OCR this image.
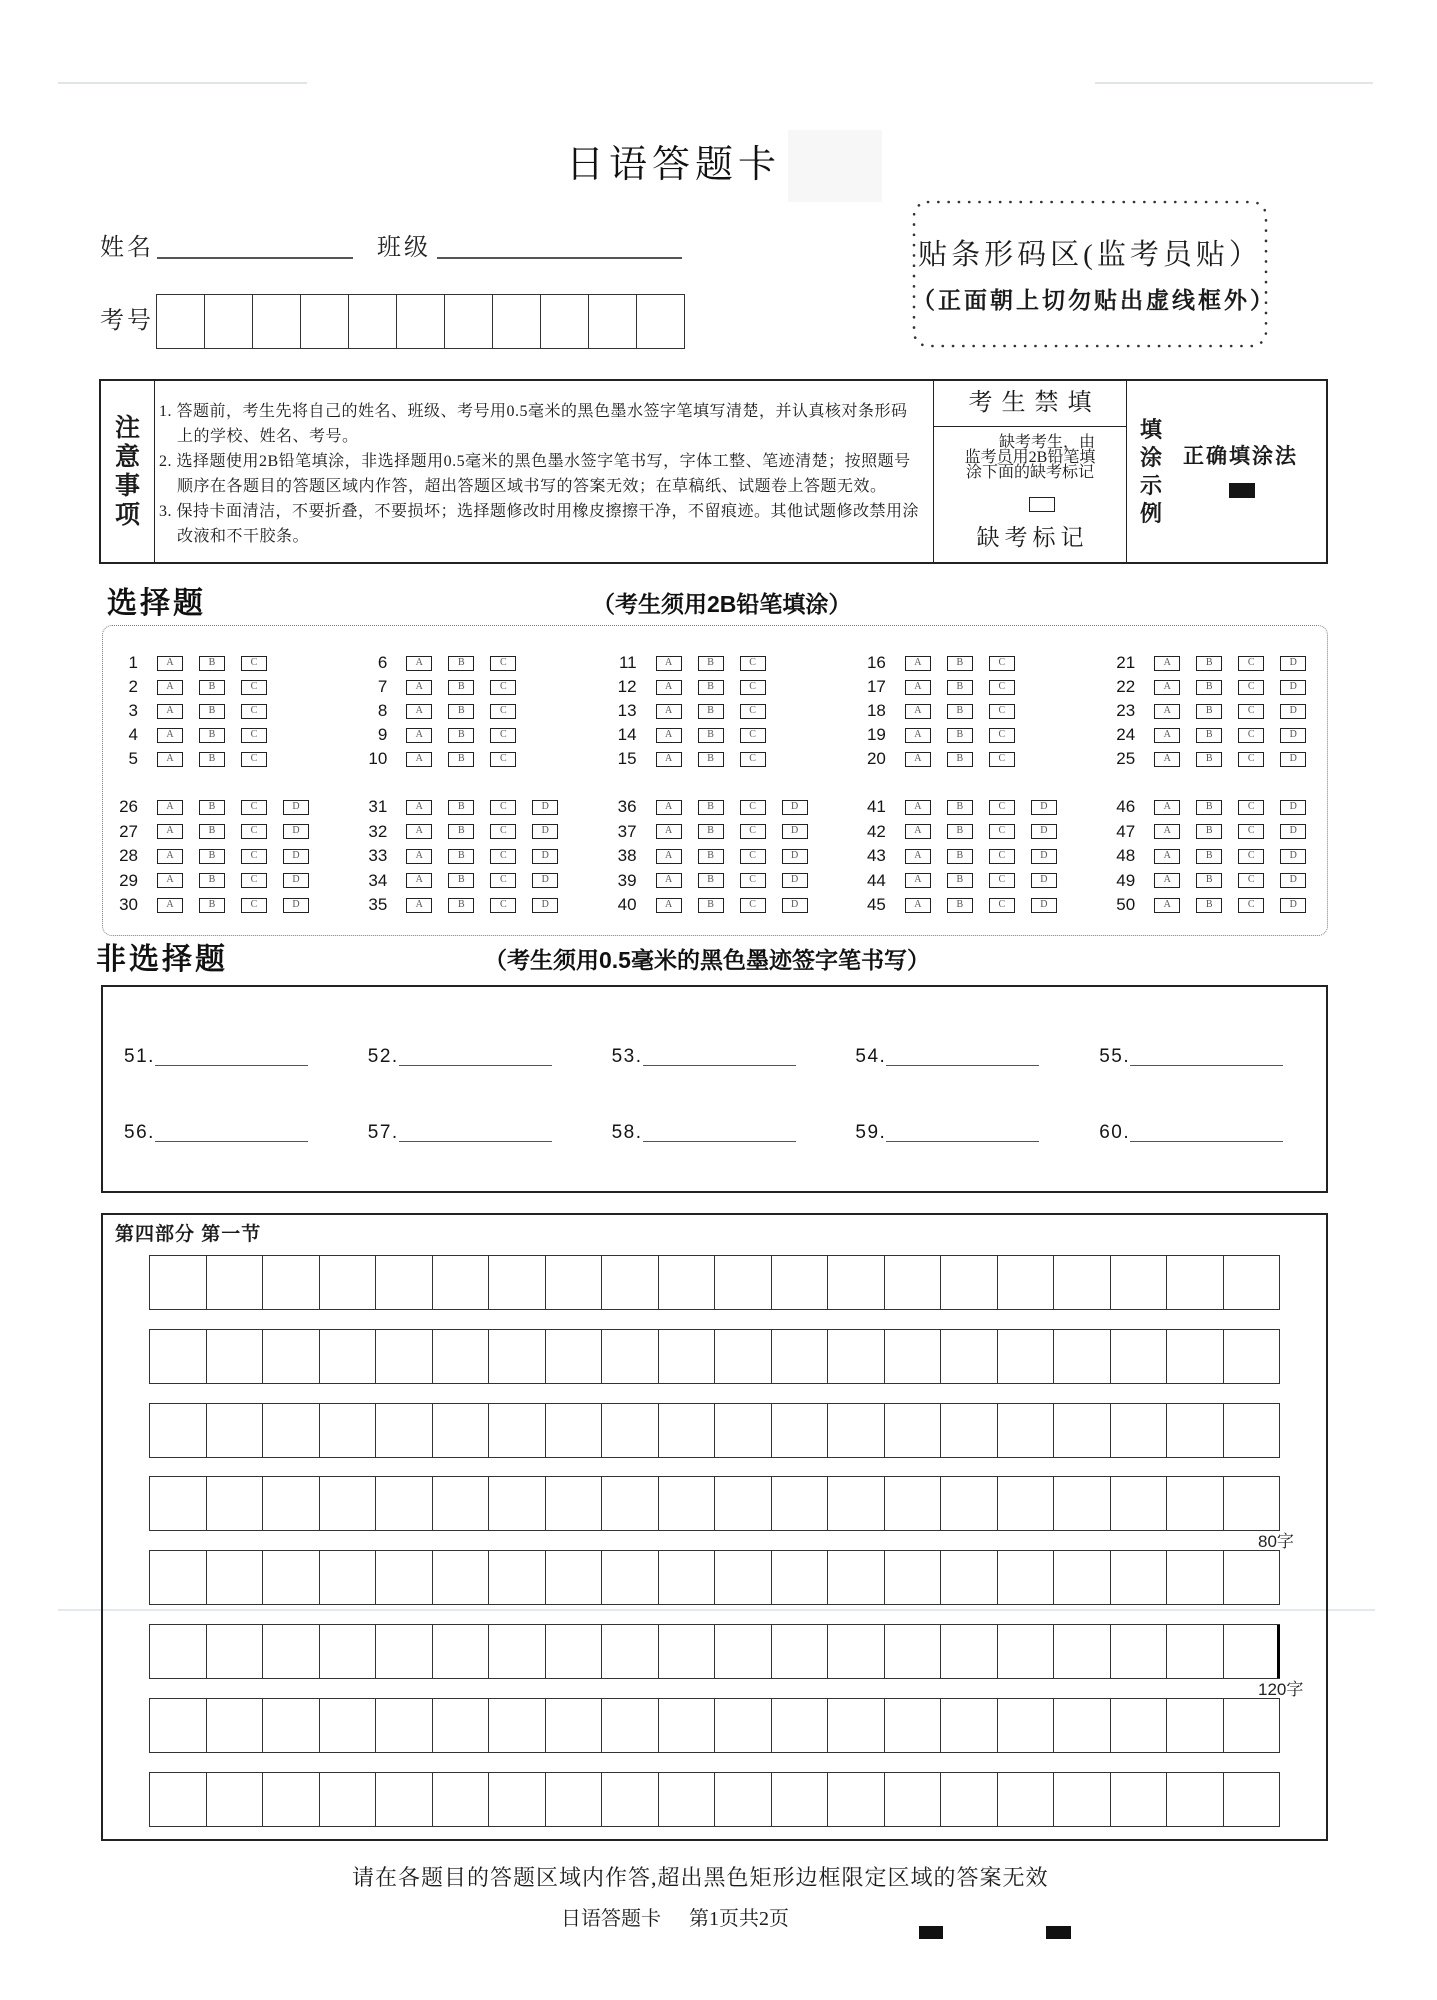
日语答题卡
姓名	班级
考号
贴条形码区(监考员贴）
（正面朝上切勿贴出虚线框外）
注
意
事
项
1. 答题前，考生先将自己的姓名、班级、考号用0.5毫米的黑色墨水签字笔填写清楚，并认真核对条形码
上的学校、姓名、考号。
2. 选择题使用2B铅笔填涂，非选择题用0.5毫米的黑色墨水签字笔书写，字体工整、笔迹清楚；按照题号
顺序在各题目的答题区域内作答，超出答题区域书写的答案无效；在草稿纸、试题卷上答题无效。
3. 保持卡面清洁，不要折叠，不要损坏；选择题修改时用橡皮擦擦干净，不留痕迹。其他试题修改禁用涂
改液和不干胶条。
考生禁填
缺考考生，由
监考员用2B铅笔填
涂下面的缺考标记
缺考标记
填
涂
示
例
正确填涂法
选择题	（考生须用2B铅笔填涂）
1	A	B	C
2	A	B	C
3	A	B	C
4	A	B	C
5	A	B	C
6	A	B	C
7	A	B	C
8	A	B	C
9	A	B	C
10	A	B	C
11	A	B	C
12	A	B	C
13	A	B	C
14	A	B	C
15	A	B	C
16	A	B	C
17	A	B	C
18	A	B	C
19	A	B	C
20	A	B	C
21	A	B	C	D
22	A	B	C	D
23	A	B	C	D
24	A	B	C	D
25	A	B	C	D
26	A	B	C	D
27	A	B	C	D
28	A	B	C	D
29	A	B	C	D
30	A	B	C	D
31	A	B	C	D
32	A	B	C	D
33	A	B	C	D
34	A	B	C	D
35	A	B	C	D
36	A	B	C	D
37	A	B	C	D
38	A	B	C	D
39	A	B	C	D
40	A	B	C	D
41	A	B	C	D
42	A	B	C	D
43	A	B	C	D
44	A	B	C	D
45	A	B	C	D
46	A	B	C	D
47	A	B	C	D
48	A	B	C	D
49	A	B	C	D
50	A	B	C	D
非选择题	（考生须用0.5毫米的黑色墨迹签字笔书写）
51.	52.	53.	54.	55.
56.	57.	58.	59.	60.
第四部分 第一节
80字
120字
请在各题目的答题区域内作答,超出黑色矩形边框限定区域的答案无效
日语答题卡 第1页共2页
